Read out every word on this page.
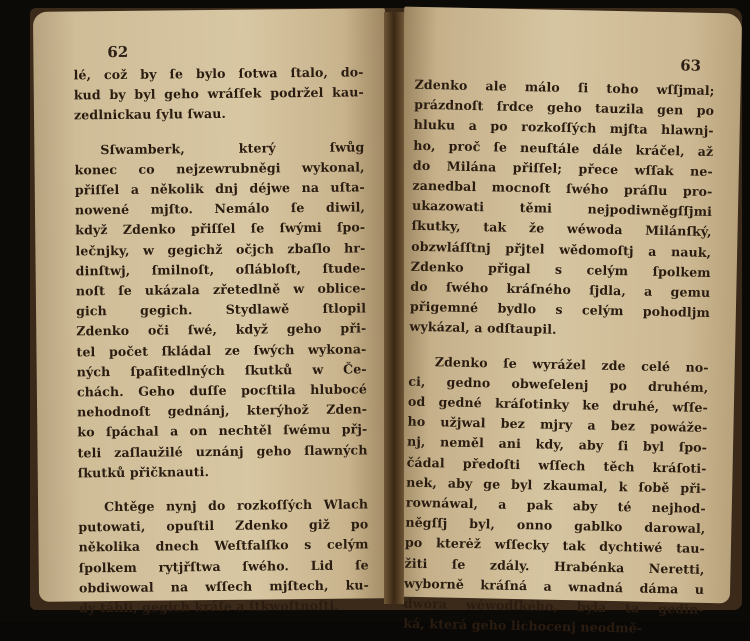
62
lé, což by ſe bylo ſotwa ſtalo, do-
kud by byl geho wráſſek podržel kau-
zedlnickau ſylu ſwau.
Sſwamberk, který ſwůg
konec co nejzewrubněgi wykonal,
přiſſel a několik dnj déjwe na uſta-
nowené mjſto. Nemálo ſe diwil,
když Zdenko přiſſel ſe ſwými ſpo-
lečnjky, w gegichž očjch zbaſlo hr-
dinſtwj, ſmilnoſt, oſlábloſt, ſtude-
noſt ſe ukázala zřetedlně w oblice-
gich gegich. Stydlawě ſtlopil
Zdenko oči ſwé, když geho při-
tel počet ſkládal ze ſwých wykona-
ných ſpaſitedlných ſkutků w Če-
chách. Geho duſſe pocſtila hlubocé
nehodnoſt gednánj, kterýhož Zden-
ko ſpáchal a on nechtěl ſwému přj-
teli zaſlaužilé uznánj geho ſlawných
ſkutků přičknauti.
Chtěge nynj do rozkoſſých Wlach
putowati, opuſtil Zdenko giž po
několika dnech Weſtfalſko s celým
ſpolkem rytjřſtwa ſwého. Lid ſe
obdiwowal na wſſech mjſtech, ku-
dy táhli, gegich kráſe a ſtkwoſtnoſti.
63
Zdenko ale málo ſi toho wſſjmal;
prázdnoſt ſrdce geho tauzila gen po
hluku a po rozkoſſých mjſta hlawnj-
ho, proč ſe neuſtále dále kráčel, až
do Milána přiſſel; přece wſſak ne-
zanedbal mocnoſt ſwého práſlu pro-
ukazowati těmi nejpodiwněgſſjmi
ſkutky, tak že wéwoda Milánſký,
obzwláſſtnj přjtel wědomoſtj a nauk,
Zdenko přigal s celým ſpolkem
do ſwého kráſného ſjdla, a gemu
přigemné bydlo s celým pohodljm
wykázal, a odſtaupil.
Zdenko ſe wyrážel zde celé no-
ci, gedno obweſelenj po druhém,
od gedné kráſotinky ke druhé, wſſe-
ho užjwal bez mjry a bez powáže-
nj, neměl ani kdy, aby ſi byl ſpo-
čádal předoſti wſſech těch kráſoti-
nek, aby ge byl zkaumal, k ſobě při-
rownáwal, a pak aby té nejhod-
něgſſj byl, onno gablko darowal,
po kterėž wſſecky tak dychtiwé tau-
žiti ſe zdály. Hrabénka Neretti,
wyborně kráſná a wnadná dáma u
dwora wéwodſkého, byla ta gedin-
ká, která geho lichocenj neodmě-
